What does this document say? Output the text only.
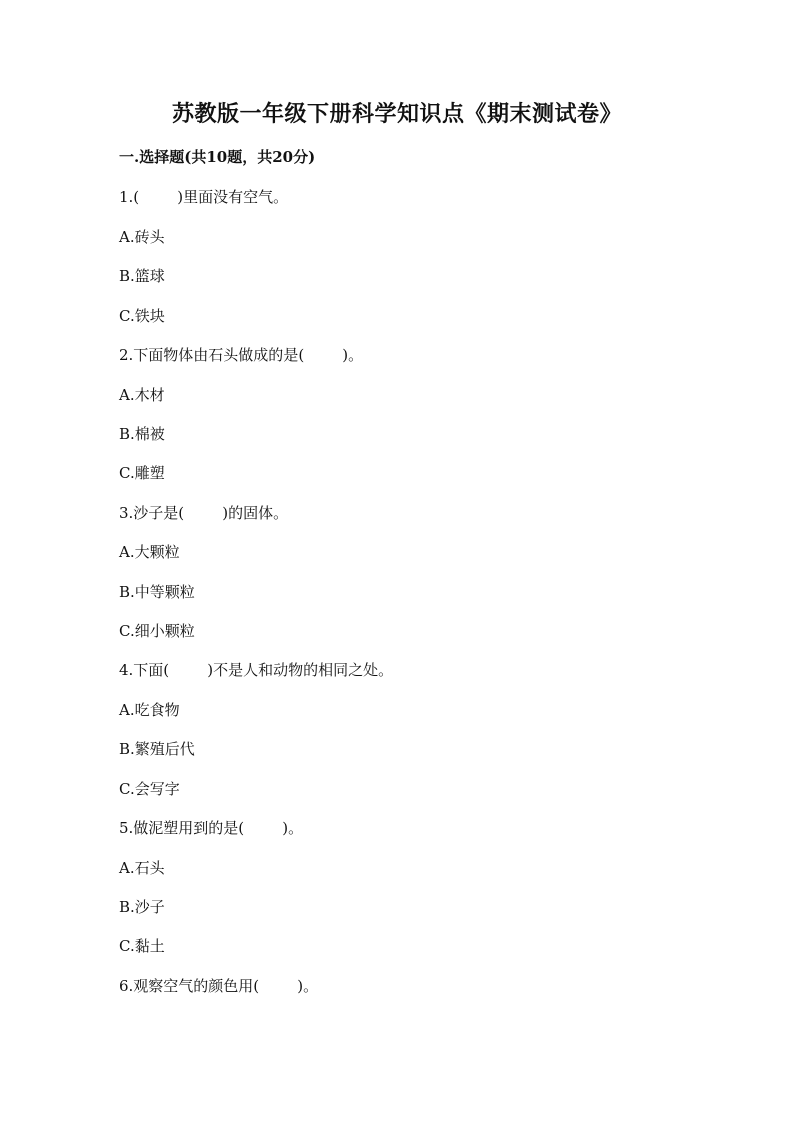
苏教版一年级下册科学知识点《期末测试卷》
一.选择题(共10题，共20分)
1.(        )里面没有空气。
A.砖头
B.篮球
C.铁块
2.下面物体由石头做成的是(        )。
A.木材
B.棉被
C.雕塑
3.沙子是(        )的固体。
A.大颗粒
B.中等颗粒
C.细小颗粒
4.下面(        )不是人和动物的相同之处。
A.吃食物
B.繁殖后代
C.会写字
5.做泥塑用到的是(        )。
A.石头
B.沙子
C.黏土
6.观察空气的颜色用(        )。
